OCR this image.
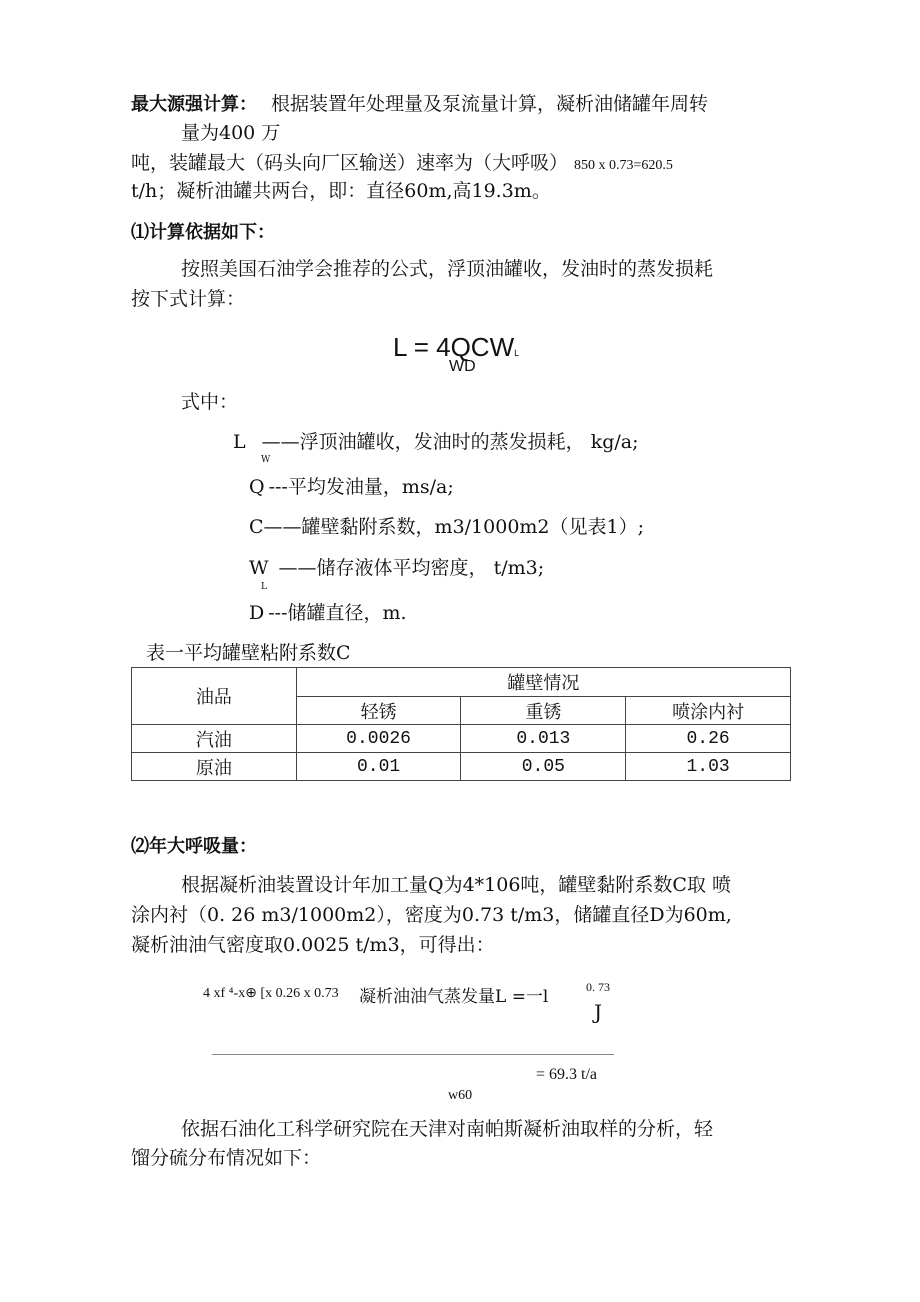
最大源强计算： 根据装置年处理量及泵流量计算，凝析油储罐年周转
量为400 万
吨，装罐最大（码头向厂区输送）速率为（大呼吸） 850 x 0.73=620.5
t/h；凝析油罐共两台，即：直径60m,高19.3m。
⑴计算依据如下：
按照美国石油学会推荐的公式，浮顶油罐收，发油时的蒸发损耗
按下式计算：
L = 4QCWL
WD
式中：
L ——浮顶油罐收，发油时的蒸发损耗， kg/a;
W
Q ---平均发油量，ms/a;
C——罐壁黏附系数，m3/1000m2（见表1）;
W ——储存液体平均密度， t/m3;
L
D ---储罐直径，m.
表一平均罐壁粘附系数C
油品	罐壁情况		
	轻锈	重锈	喷涂内衬
汽油	0.0026	0.013	0.26
原油	0.01	0.05	1.03
⑵年大呼吸量：
根据凝析油装置设计年加工量Q为4*106吨，罐壁黏附系数C取 喷
涂内衬（0. 26 m3/1000m2），密度为0.73 t/m3，储罐直径D为60m,
凝析油油气密度取0.0025 t/m3，可得出：
4 xf ⁴-x⊕ [x 0.26 x 0.73 凝析油油气蒸发量L =一l	0. 73
J
= 69.3 t/a
w60
依据石油化工科学研究院在天津对南帕斯凝析油取样的分析，轻
馏分硫分布情况如下：
